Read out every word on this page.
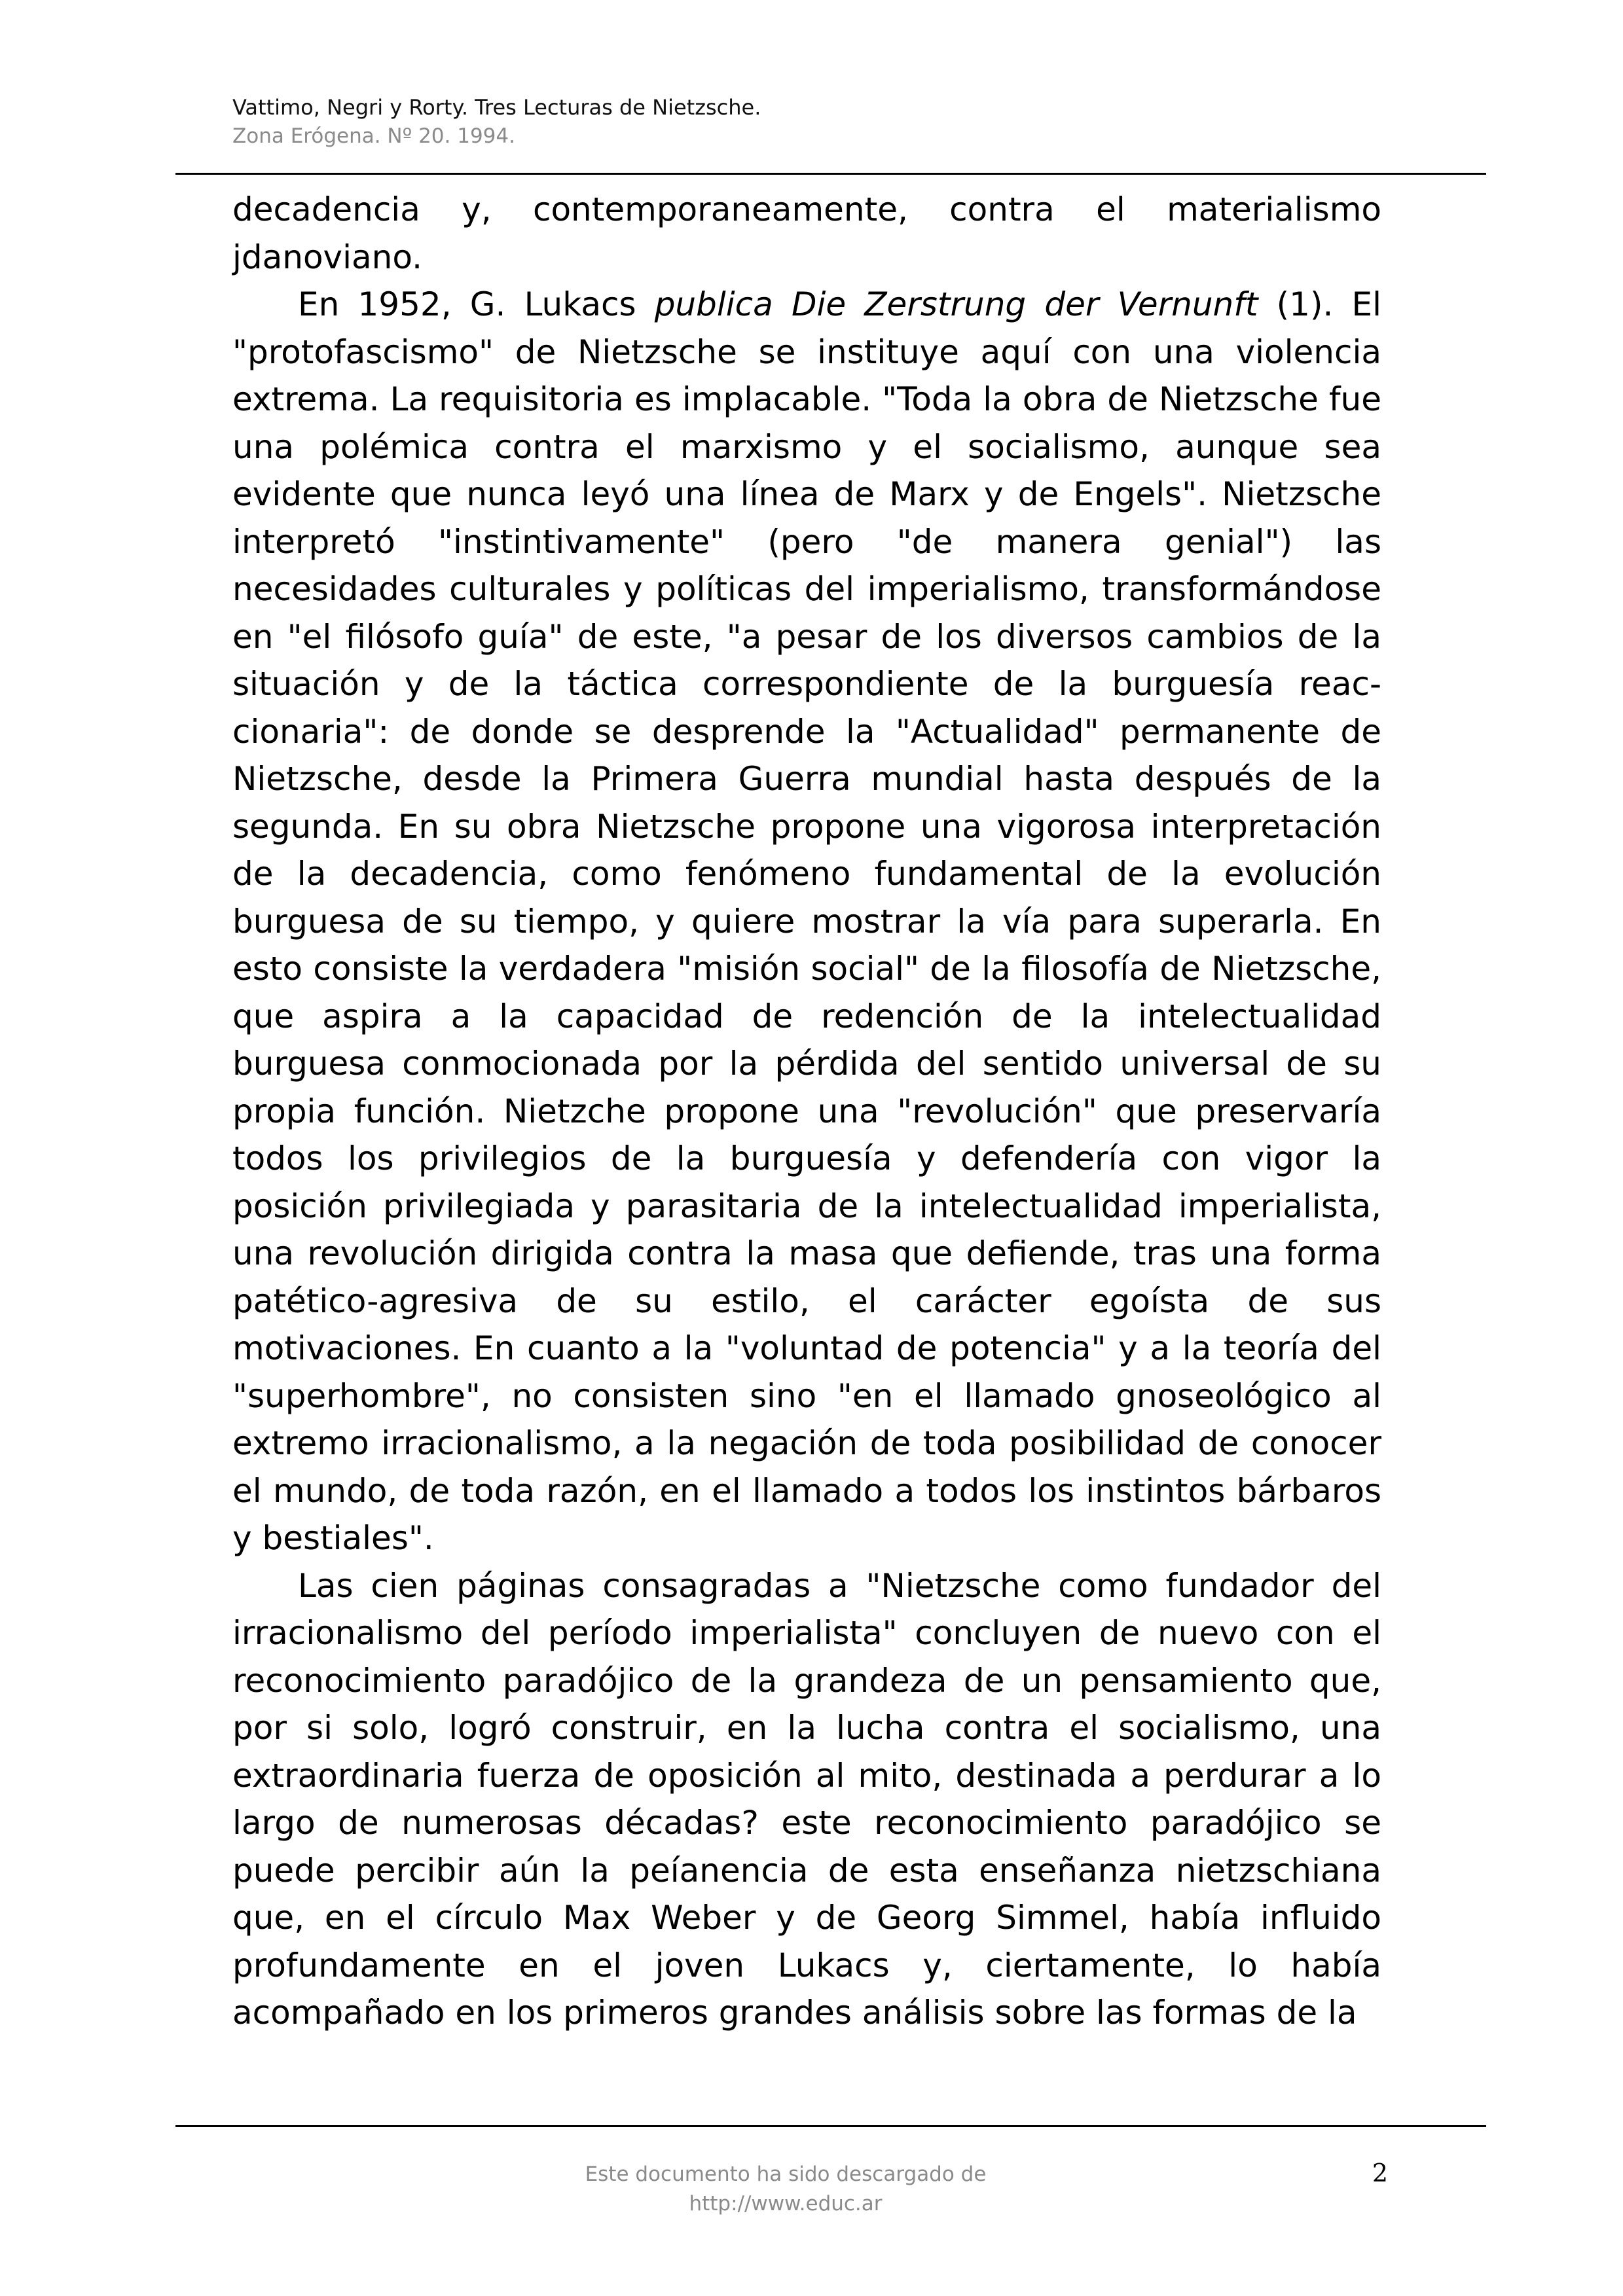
Vattimo, Negri y Rorty. Tres Lecturas de Nietzsche.
Zona Erógena. Nº 20. 1994.

decadencia y, contemporaneamente, contra el materialismo jdanoviano.

En 1952, G. Lukacs publica Die Zerstrung der Vernunft (1). El "protofascismo" de Nietzsche se instituye aquí con una violencia extrema. La requisitoria es implacable. "Toda la obra de Nietzsche fue una polémica contra el marxismo y el socialismo, aunque sea evidente que nunca leyó una línea de Marx y de Engels". Nietzsche interpretó "instintivamente" (pero "de manera genial") las necesidades culturales y políticas del imperialismo, transformándose en "el filósofo guía" de este, "a pesar de los diversos cambios de la situación y de la táctica correspondiente de la burguesía reaccionaria": de donde se desprende la "Actualidad" permanente de Nietzsche, desde la Primera Guerra mundial hasta después de la segunda. En su obra Nietzsche propone una vigorosa interpretación de la decadencia, como fenómeno fundamental de la evolución burguesa de su tiempo, y quiere mostrar la vía para superarla. En esto consiste la verdadera "misión social" de la filosofía de Nietzsche, que aspira a la capacidad de redención de la intelectualidad burguesa conmocionada por la pérdida del sentido universal de su propia función. Nietzche propone una "revolución" que preservaría todos los privilegios de la burguesía y defendería con vigor la posición privilegiada y parasitaria de la intelectualidad imperialista, una revolución dirigida contra la masa que defiende, tras una forma patético-agresiva de su estilo, el carácter egoísta de sus motivaciones. En cuanto a la "voluntad de potencia" y a la teoría del "superhombre", no consisten sino "en el llamado gnoseológico al extremo irracionalismo, a la negación de toda posibilidad de conocer el mundo, de toda razón, en el llamado a todos los instintos bárbaros y bestiales".

Las cien páginas consagradas a "Nietzsche como fundador del irracionalismo del período imperialista" concluyen de nuevo con el reconocimiento paradójico de la grandeza de un pensamiento que, por si solo, logró construir, en la lucha contra el socialismo, una extraordinaria fuerza de oposición al mito, destinada a perdurar a lo largo de numerosas décadas? este reconocimiento paradójico se puede percibir aún la peíanencia de esta enseñanza nietzschiana que, en el círculo Max Weber y de Georg Simmel, había influido profundamente en el joven Lukacs y, ciertamente, lo había acompañado en los primeros grandes análisis sobre las formas de la

Este documento ha sido descargado de
http://www.educ.ar
2
